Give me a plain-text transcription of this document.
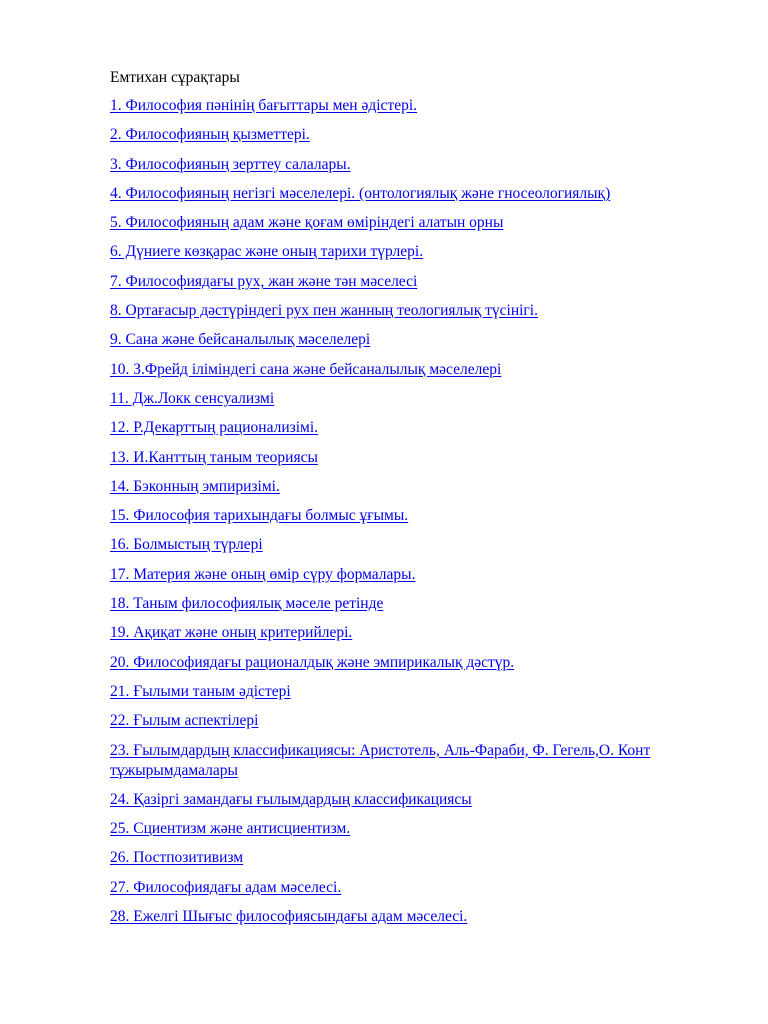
Емтихан сұрақтары
1. Философия пәнінің бағыттары мен әдістері.
2. Философияның қызметтері.
3. Философияның зерттеу салалары.
4. Философияның негізгі мәселелері. (онтологиялық және гносеологиялық)
5. Философияның адам және қоғам өміріндегі алатын орны
6. Дүниеге көзқарас және оның тарихи түрлері.
7. Философиядағы рух, жан және тән мәселесі
8. Ортағасыр дәстүріндегі рух пен жанның теологиялық түсінігі.
9. Сана және бейсаналылық мәселелері
10. З.Фрейд іліміндегі сана және бейсаналылық мәселелері
11. Дж.Локк сенсуализмі
12. Р.Декарттың рационализімі.
13. И.Канттың таным теориясы
14. Бэконның эмпиризімі.
15. Философия тарихындағы болмыс ұғымы.
16. Болмыстың түрлері
17. Материя және оның өмір сүру формалары.
18. Таным философиялық мәселе ретінде
19. Ақиқат және оның критерийлері.
20. Философиядағы рационалдық және эмпирикалық дәстүр.
21. Ғылыми таным әдістері
22. Ғылым аспектілері
23. Ғылымдардың классификациясы: Аристотель, Аль-Фараби, Ф. Гегель,О. Конт тұжырымдамалары
24. Қазіргі замандағы ғылымдардың классификациясы
25. Сциентизм және антисциентизм.
26. Постпозитивизм
27. Философиядағы адам мәселесі.
28. Ежелгі Шығыс философиясындағы адам мәселесі.
